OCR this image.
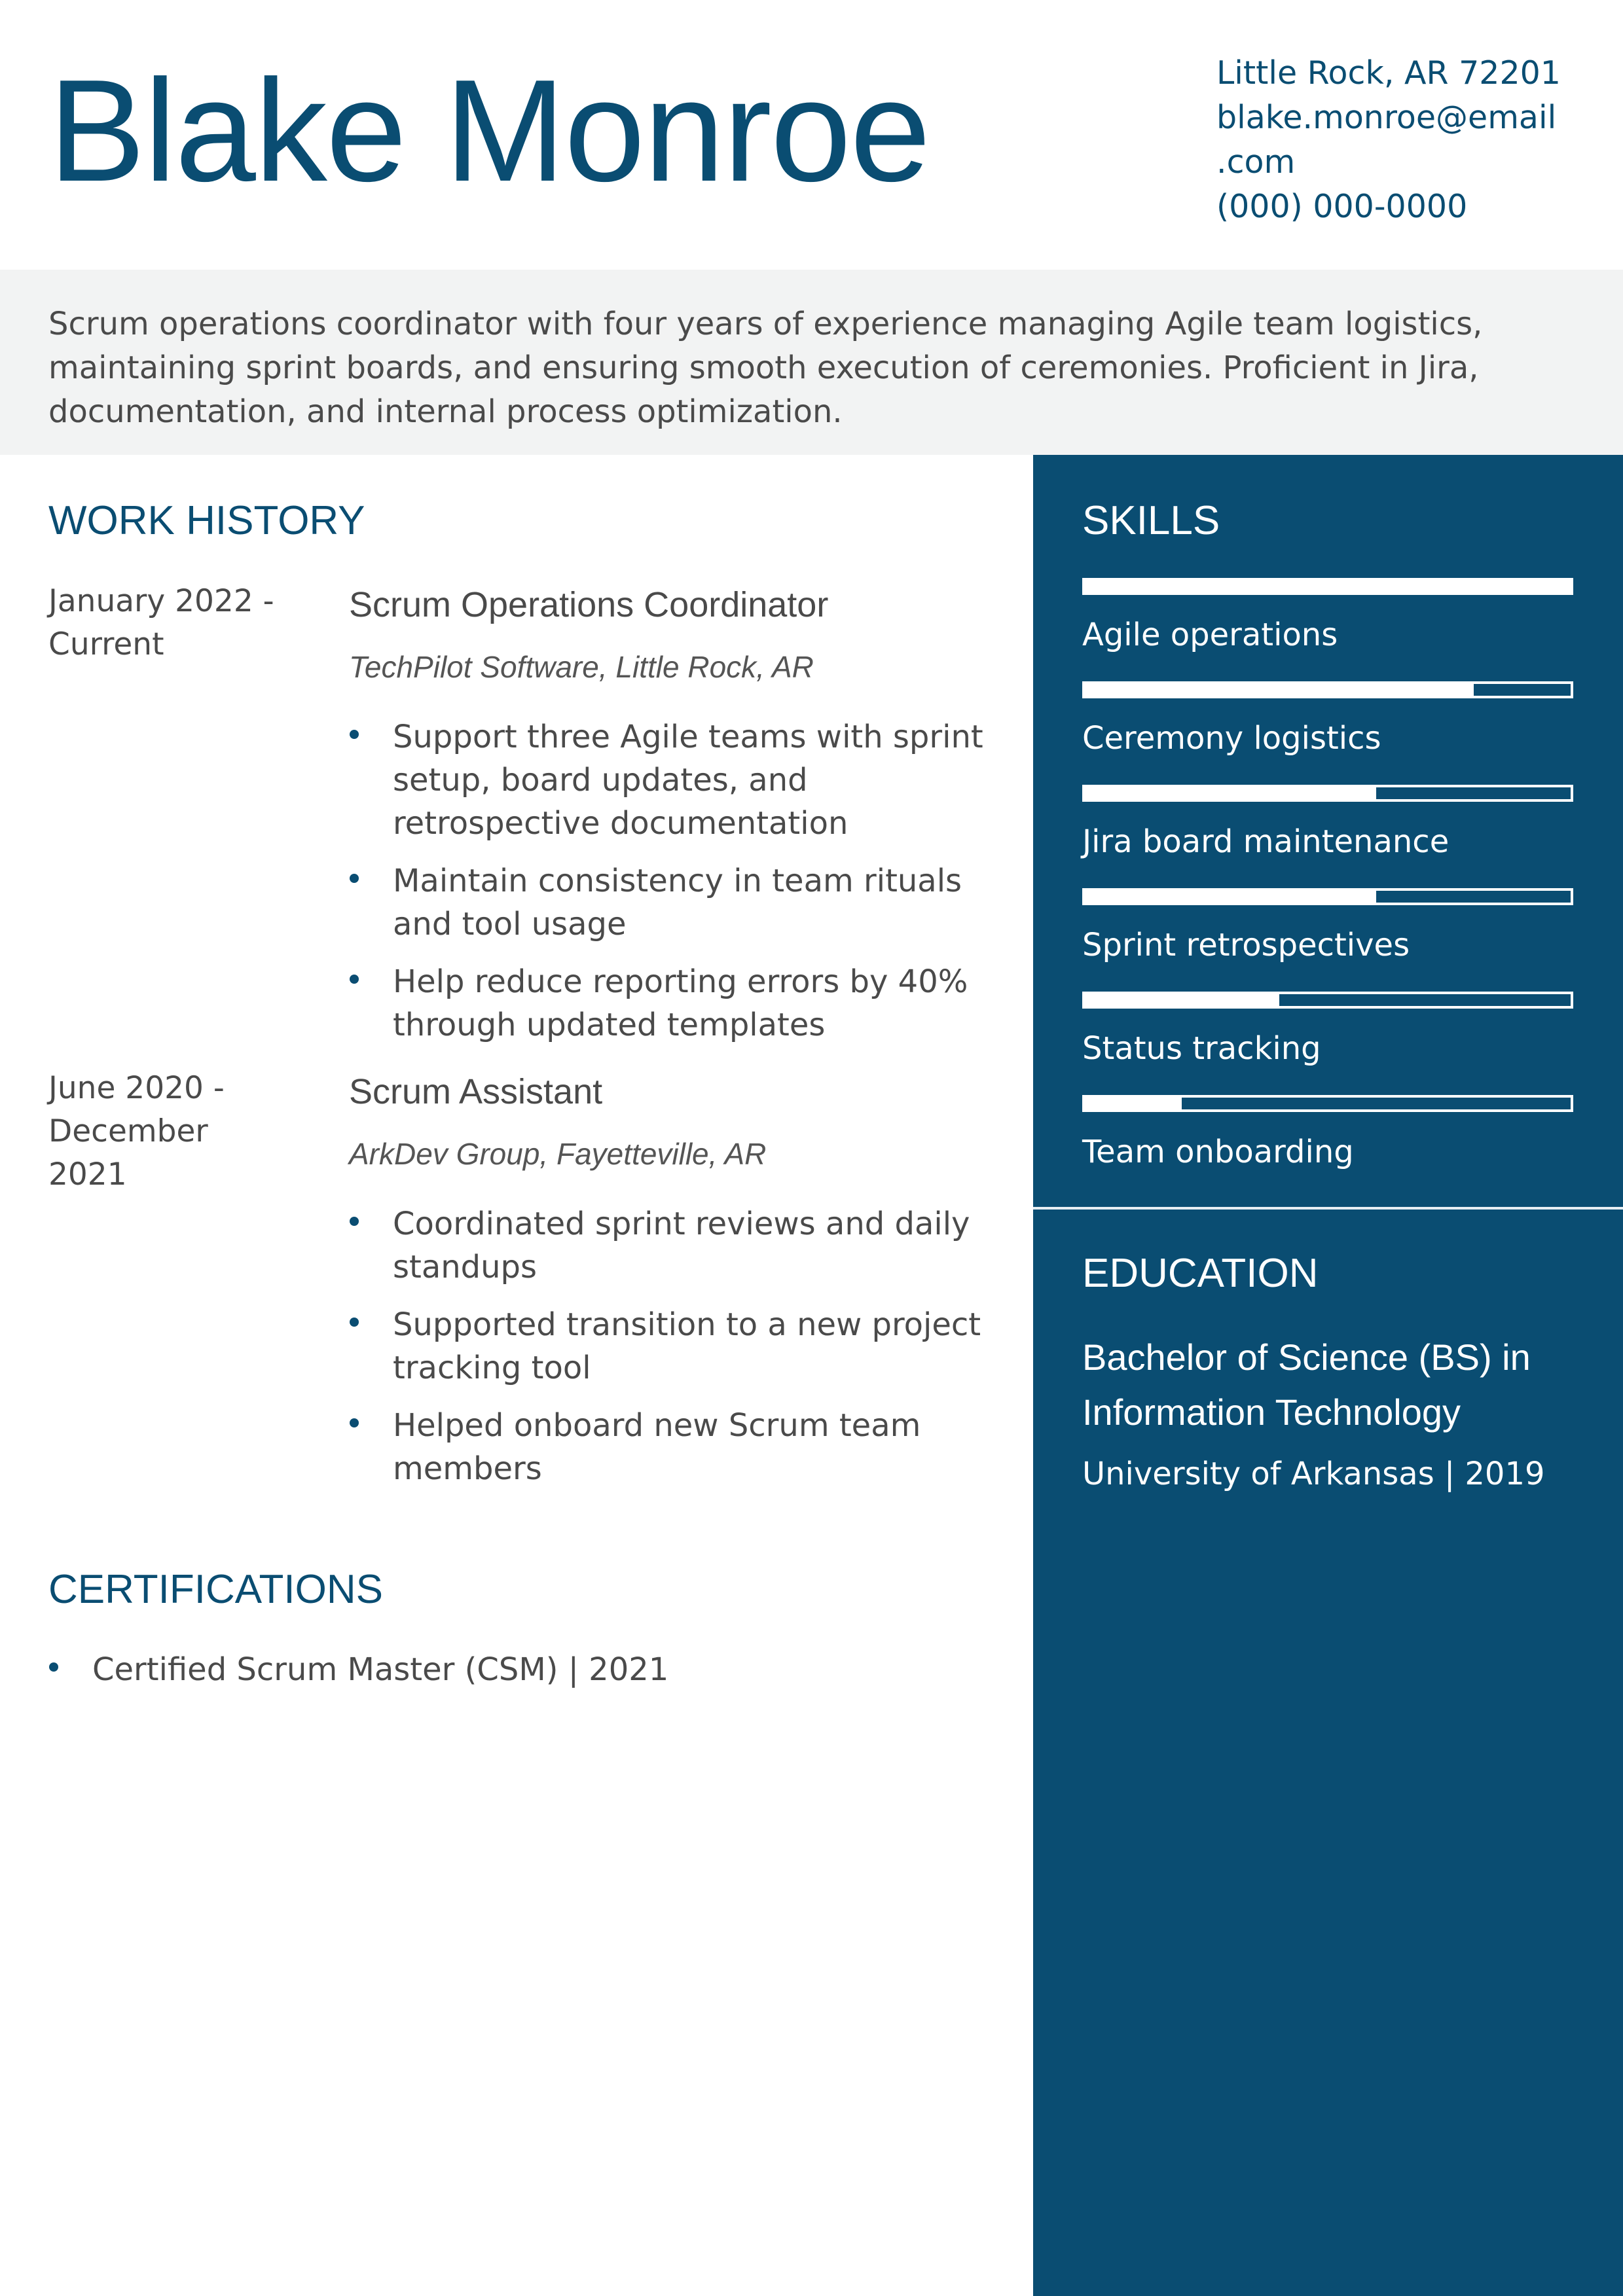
Blake Monroe	Little Rock, AR 72201
blake.monroe@email
.com
(000) 000-0000

Scrum operations coordinator with four years of experience managing Agile team logistics, maintaining sprint boards, and ensuring smooth execution of ceremonies. Proficient in Jira, documentation, and internal process optimization.

WORK HISTORY
January 2022 -
Current
Scrum Operations Coordinator
TechPilot Software, Little Rock, AR
Support three Agile teams with sprint setup, board updates, and retrospective documentation
Maintain consistency in team rituals and tool usage
Help reduce reporting errors by 40% through updated templates
June 2020 -
December
2021
Scrum Assistant
ArkDev Group, Fayetteville, AR
Coordinated sprint reviews and daily standups
Supported transition to a new project tracking tool
Helped onboard new Scrum team members
CERTIFICATIONS
Certified Scrum Master (CSM) | 2021
SKILLS
Agile operations
Ceremony logistics
Jira board maintenance
Sprint retrospectives
Status tracking
Team onboarding
EDUCATION

Bachelor of Science (BS) in Information Technology

University of Arkansas | 2019
